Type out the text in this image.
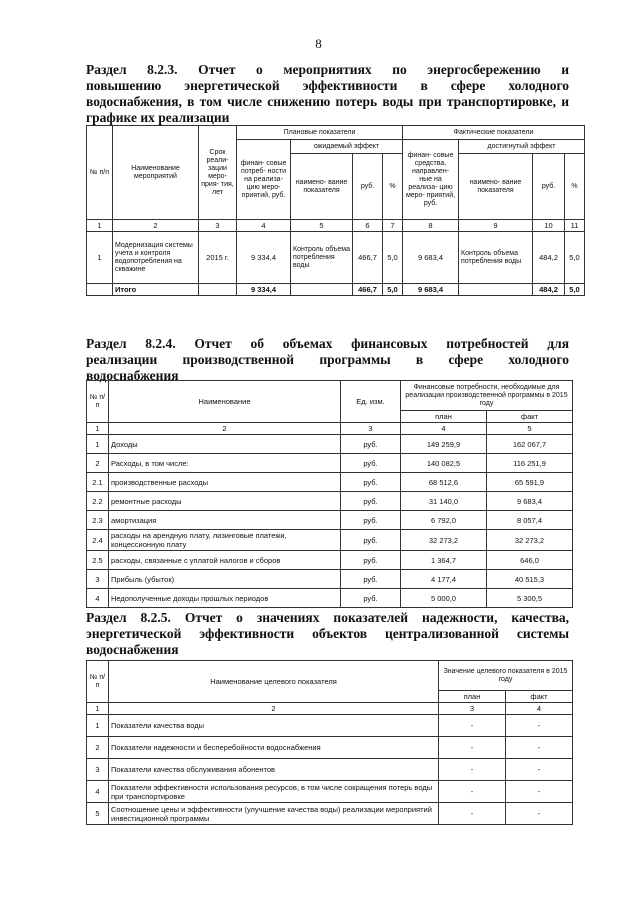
8
Раздел 8.2.3. Отчет о мероприятиях по энергосбережению и
повышению энергетической эффективности в сфере холодного
водоснабжения, в том числе снижению потерь воды при транспортировке, и
графике их реализации
№ п/п	Наименование мероприятий	Срок реали- зации меро- прия- тия, лет	Плановые показатели				Фактические показатели			
			финан- совые потреб- ности на реализа- цию меро- приятий, руб.	ожидаемый эффект			финан- совые средства, направлен- ные на реализа- цию меро- приятий, руб.	достигнутый эффект		
				наимено- вание показателя	руб.	%		наимено- вание показателя	руб.	%
1	2	3	4	5	6	7	8	9	10	11
1	Модернизация системы учета и контроля водопотребления на скважине	2015 г.	9 334,4	Контроль объема потребления воды	466,7	5,0	9 683,4	Контроль объема потребления воды	484,2	5,0
	Итого		9 334,4		466,7	5,0	9 683,4		484,2	5,0
Раздел 8.2.4. Отчет об объемах финансовых потребностей для
реализации производственной программы в сфере холодного
водоснабжения
№ п/п	Наименование	Ед. изм.	Финансовые потребности, необходимые для реализации производственной программы в 2015 году	
			план	факт
1	2	3	4	5
1	Доходы	руб.	149 259,9	162 067,7
2	Расходы, в том числе:	руб.	140 082,5	116 251,9
2.1	производственные расходы	руб.	68 512,6	65 591,9
2.2	ремонтные расходы	руб.	31 140,0	9 683,4
2.3	амортизация	руб.	6 792,0	8 057,4
2.4	расходы на арендную плату, лизинговые платежи, концессионную плату	руб.	32 273,2	32 273,2
2.5	расходы, связанные с уплатой налогов и сборов	руб.	1 364,7	646,0
3	Прибыль (убыток)	руб.	4 177,4	40 515,3
4	Недополученные доходы прошлых периодов	руб.	5 000,0	5 300,5
Раздел 8.2.5. Отчет о значениях показателей надежности, качества,
энергетической эффективности объектов централизованной системы
водоснабжения
№ п/п	Наименование целевого показателя	Значение целевого показателя в 2015 году	
		план	факт
1	2	3	4
1	Показатели качества воды	-	-
2	Показатели надежности и бесперебойности водоснабжения	-	-
3	Показатели качества обслуживания абонентов	-	-
4	Показатели эффективности использования ресурсов, в том числе сокращения потерь воды при транспортировке	-	-
5	Соотношение цены и эффективности (улучшение качества воды) реализации мероприятий инвестиционной программы	-	-
